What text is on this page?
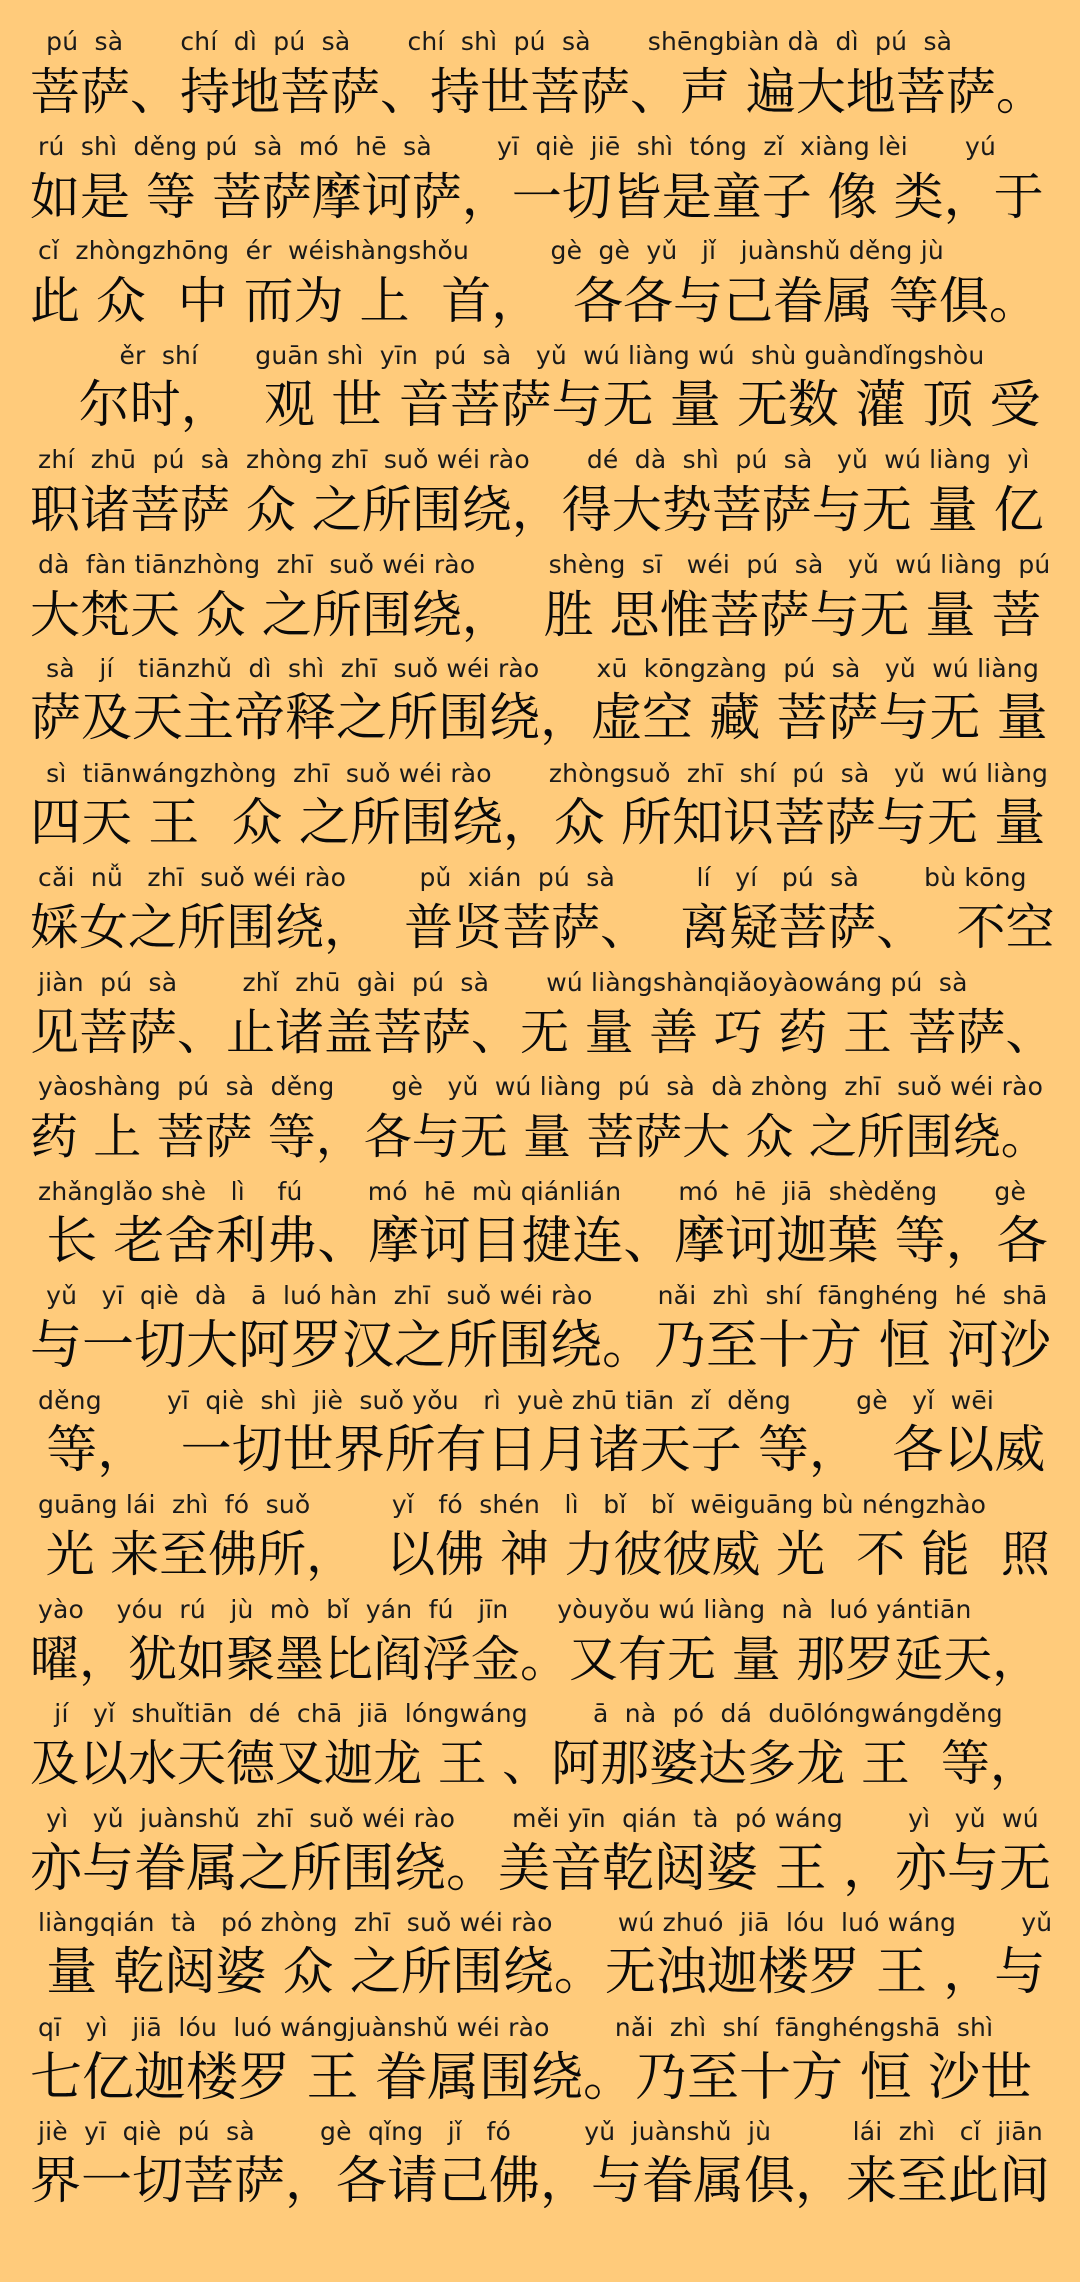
pú  sà       chí  dì  pú  sà       chí  shì  pú  sà       shēngbiàn dà  dì  pú  sà
菩萨、持地菩萨、持世菩萨、声 遍大地菩萨。
rú  shì  děng pú  sà  mó  hē  sà        yī  qiè  jiē  shì  tóng  zǐ  xiàng lèi       yú
如是 等 菩萨摩诃萨，一切皆是童子 像 类，于
cǐ  zhòngzhōng  ér  wéishàngshǒu          gè  gè  yǔ   jǐ   juànshǔ děng jù
此 众  中 而为 上  首，  各各与己眷属 等俱。
ěr  shí       guān shì  yīn  pú  sà   yǔ  wú liàng wú  shù guàndǐngshòu
尔时，  观 世 音菩萨与无 量 无数 灌 顶 受
zhí  zhū  pú  sà  zhòng zhī  suǒ wéi rào       dé  dà  shì  pú  sà   yǔ  wú liàng  yì
职诸菩萨 众 之所围绕，得大势菩萨与无 量 亿
dà  fàn tiānzhòng  zhī  suǒ wéi rào         shèng  sī   wéi  pú  sà   yǔ  wú liàng  pú
大梵天 众 之所围绕，  胜 思惟菩萨与无 量 菩
sà   jí   tiānzhǔ  dì  shì  zhī  suǒ wéi rào       xū  kōngzàng  pú  sà   yǔ  wú liàng
萨及天主帝释之所围绕，虚空 藏 菩萨与无 量
sì  tiānwángzhòng  zhī  suǒ wéi rào       zhòngsuǒ  zhī  shí  pú  sà   yǔ  wú liàng
四天 王  众 之所围绕，众 所知识菩萨与无 量
cǎi  nǚ   zhī  suǒ wéi rào         pǔ  xián  pú  sà          lí   yí   pú  sà        bù kōng
婇女之所围绕，  普贤菩萨、  离疑菩萨、  不空
jiàn  pú  sà        zhǐ  zhū  gài  pú  sà       wú liàngshànqiǎoyàowáng pú  sà
见菩萨、止诸盖菩萨、无 量 善 巧 药 王 菩萨、
yàoshàng  pú  sà  děng       gè   yǔ  wú liàng  pú  sà  dà zhòng  zhī  suǒ wéi rào
药 上 菩萨 等，各与无 量 菩萨大 众 之所围绕。
zhǎnglǎo shè   lì    fú        mó  hē  mù qiánlián       mó  hē  jiā  shèděng       gè
长 老舍利弗、摩诃目揵连、摩诃迦葉 等，各
yǔ   yī  qiè  dà   ā  luó hàn  zhī  suǒ wéi rào        nǎi  zhì  shí  fānghéng  hé  shā
与一切大阿罗汉之所围绕。乃至十方 恒 河沙
děng        yī  qiè  shì  jiè  suǒ yǒu   rì  yuè zhū tiān  zǐ  děng        gè   yǐ  wēi
等，  一切世界所有日月诸天子 等，  各以威
guāng lái  zhì  fó  suǒ          yǐ   fó  shén   lì   bǐ   bǐ  wēiguāng bù néngzhào
光 来至佛所，  以佛 神 力彼彼威 光  不 能  照
yào    yóu  rú   jù  mò  bǐ  yán  fú   jīn      yòuyǒu wú liàng  nà  luó yántiān
曜，犹如聚墨比阎浮金。又有无 量 那罗延天，
jí   yǐ  shuǐtiān  dé  chā  jiā  lóngwáng        ā  nà  pó  dá  duōlóngwángděng
及以水天德叉迦龙 王 、阿那婆达多龙 王  等，
yì   yǔ  juànshǔ  zhī  suǒ wéi rào       měi yīn  qián  tà  pó wáng        yì   yǔ  wú
亦与眷属之所围绕。美音乾闼婆 王 ，亦与无
liàngqián  tà   pó zhòng  zhī  suǒ wéi rào        wú zhuó  jiā  lóu  luó wáng        yǔ
量 乾闼婆 众 之所围绕。无浊迦楼罗 王 ，与
qī   yì   jiā  lóu  luó wángjuànshǔ wéi rào        nǎi  zhì  shí  fānghéngshā  shì
七亿迦楼罗 王 眷属围绕。乃至十方 恒 沙世
jiè  yī  qiè  pú  sà        gè  qǐng   jǐ   fó         yǔ  juànshǔ  jù          lái  zhì   cǐ  jiān
界一切菩萨，各请己佛，与眷属俱，来至此间
